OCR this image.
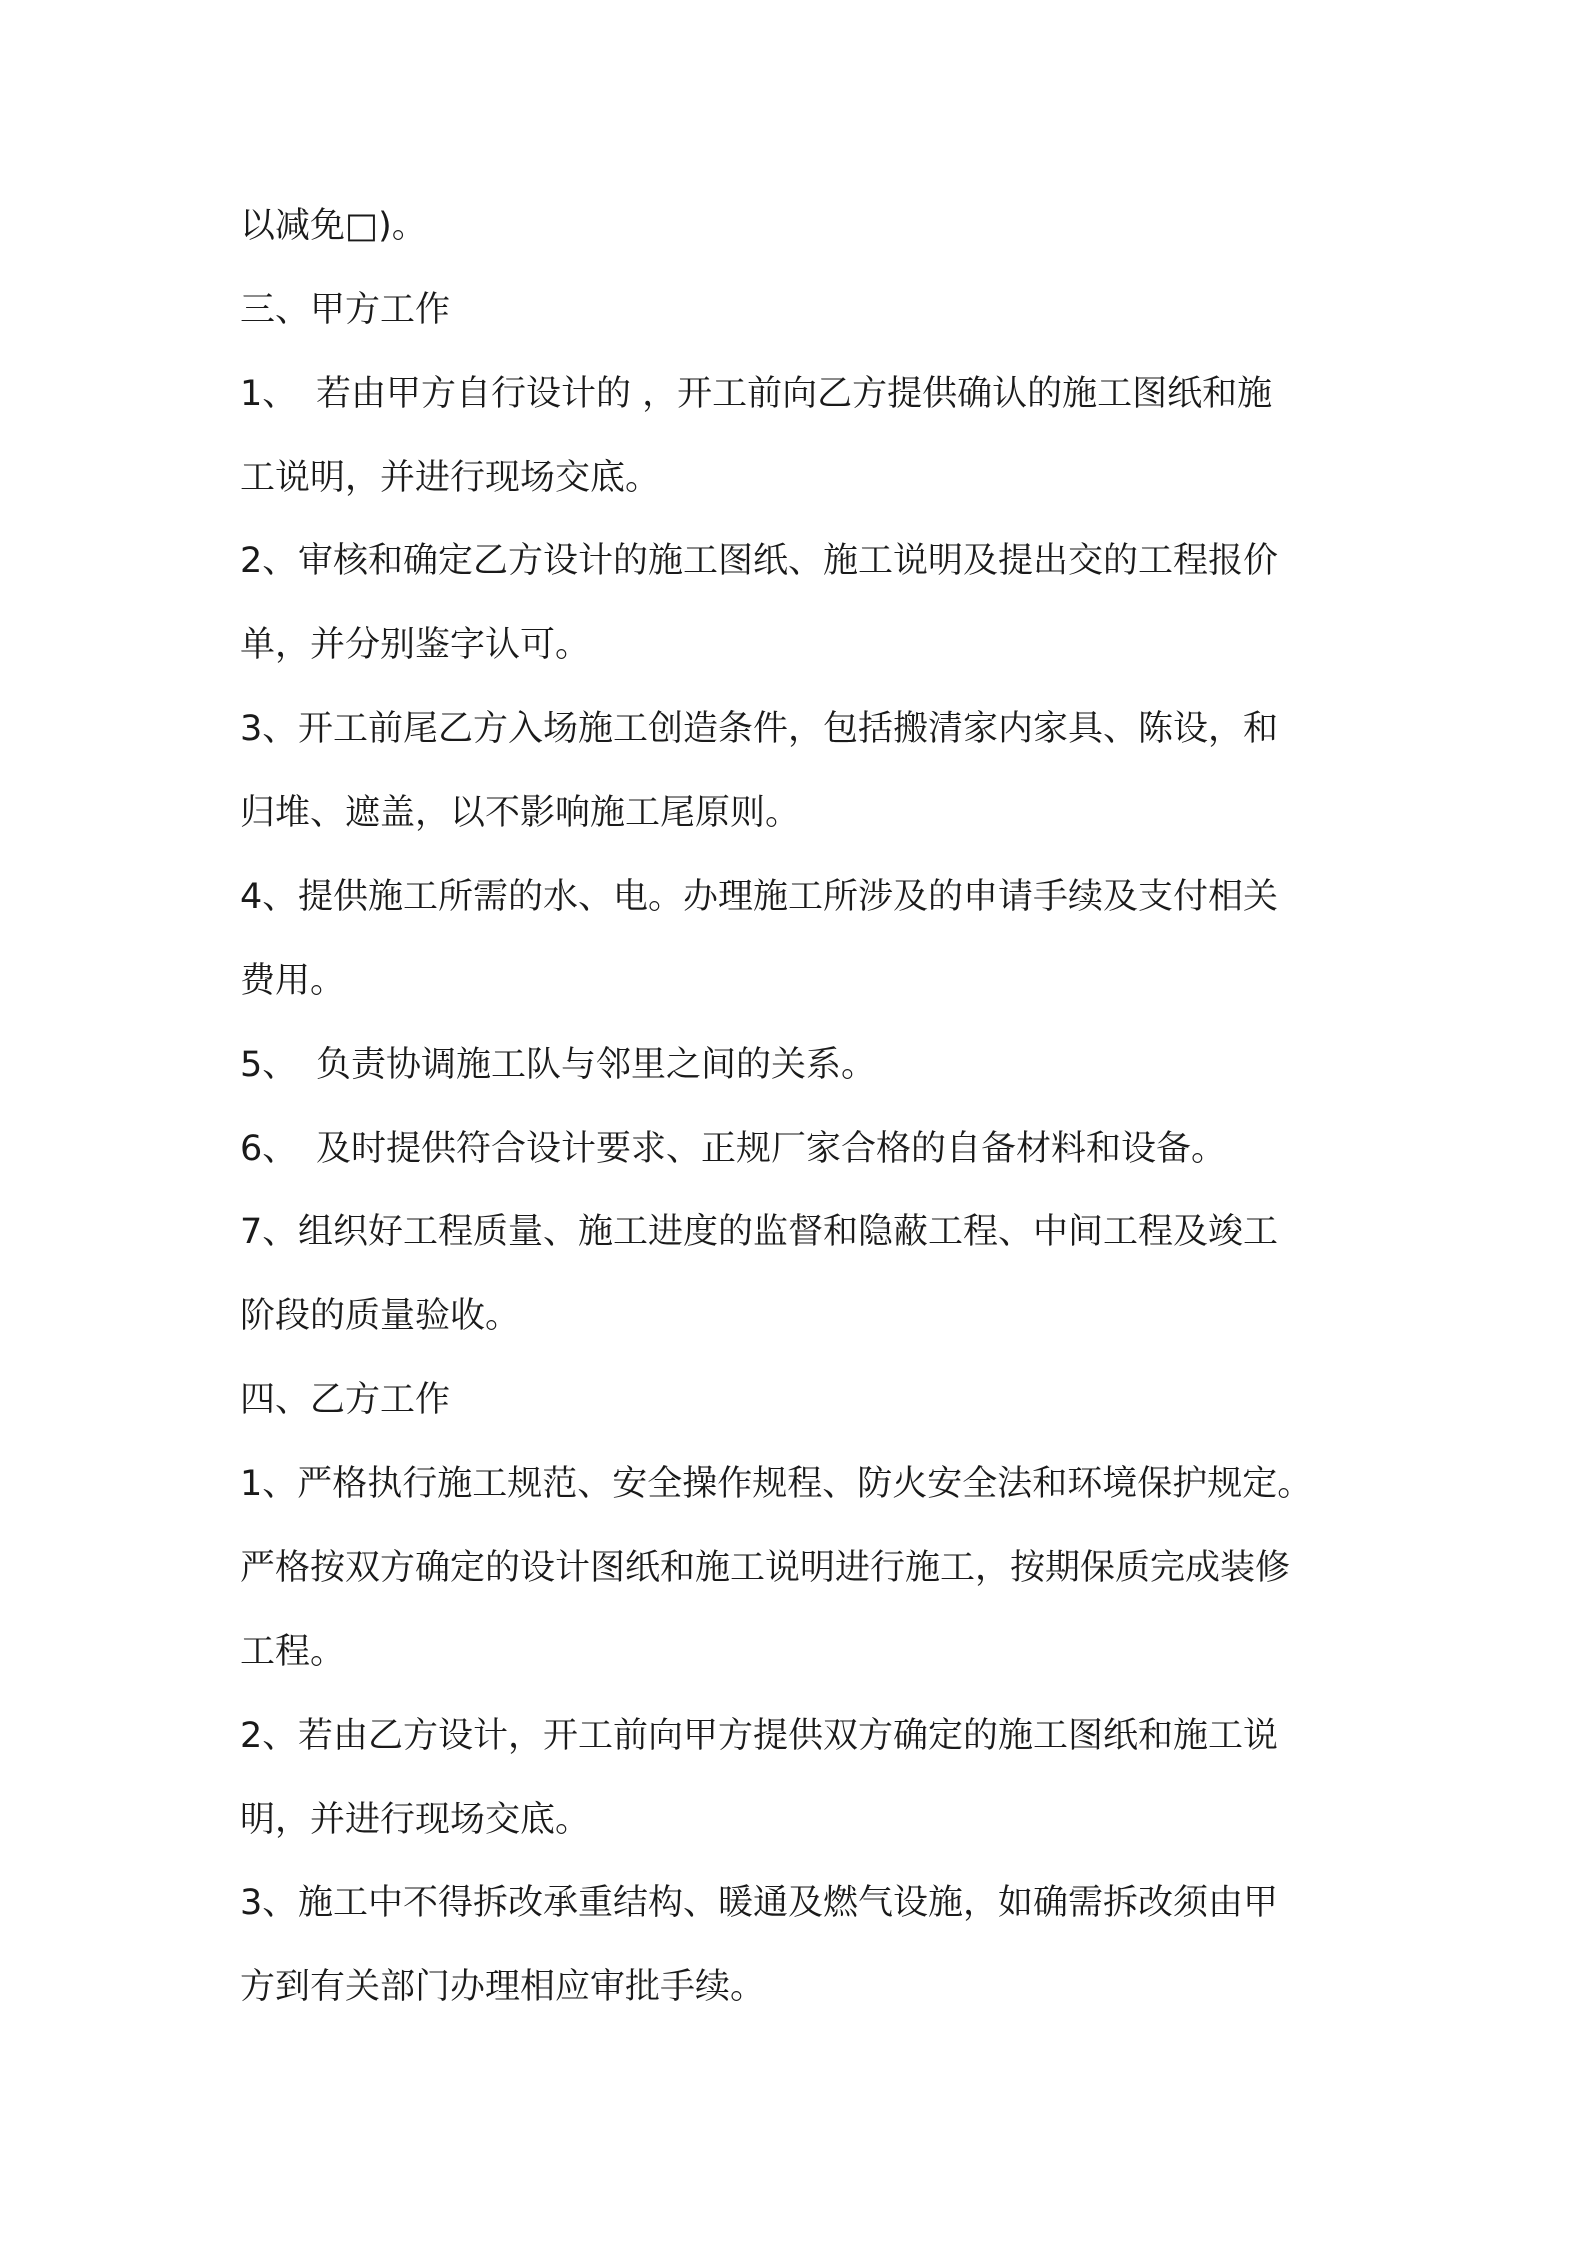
以减免□)。
三、甲方工作
1、 若由甲方自行设计的 ，开工前向乙方提供确认的施工图纸和施
工说明，并进行现场交底。
2、审核和确定乙方设计的施工图纸、施工说明及提出交的工程报价
单，并分别鉴字认可。
3、开工前尾乙方入场施工创造条件，包括搬清家内家具、陈设，和
归堆、遮盖，以不影响施工尾原则。
4、提供施工所需的水、电。办理施工所涉及的申请手续及支付相关
费用。
5、 负责协调施工队与邻里之间的关系。
6、 及时提供符合设计要求、正规厂家合格的自备材料和设备。
7、组织好工程质量、施工进度的监督和隐蔽工程、中间工程及竣工
阶段的质量验收。
四、乙方工作
1、严格执行施工规范、安全操作规程、防火安全法和环境保护规定。
严格按双方确定的设计图纸和施工说明进行施工，按期保质完成装修
工程。
2、若由乙方设计，开工前向甲方提供双方确定的施工图纸和施工说
明，并进行现场交底。
3、施工中不得拆改承重结构、暖通及燃气设施，如确需拆改须由甲
方到有关部门办理相应审批手续。
